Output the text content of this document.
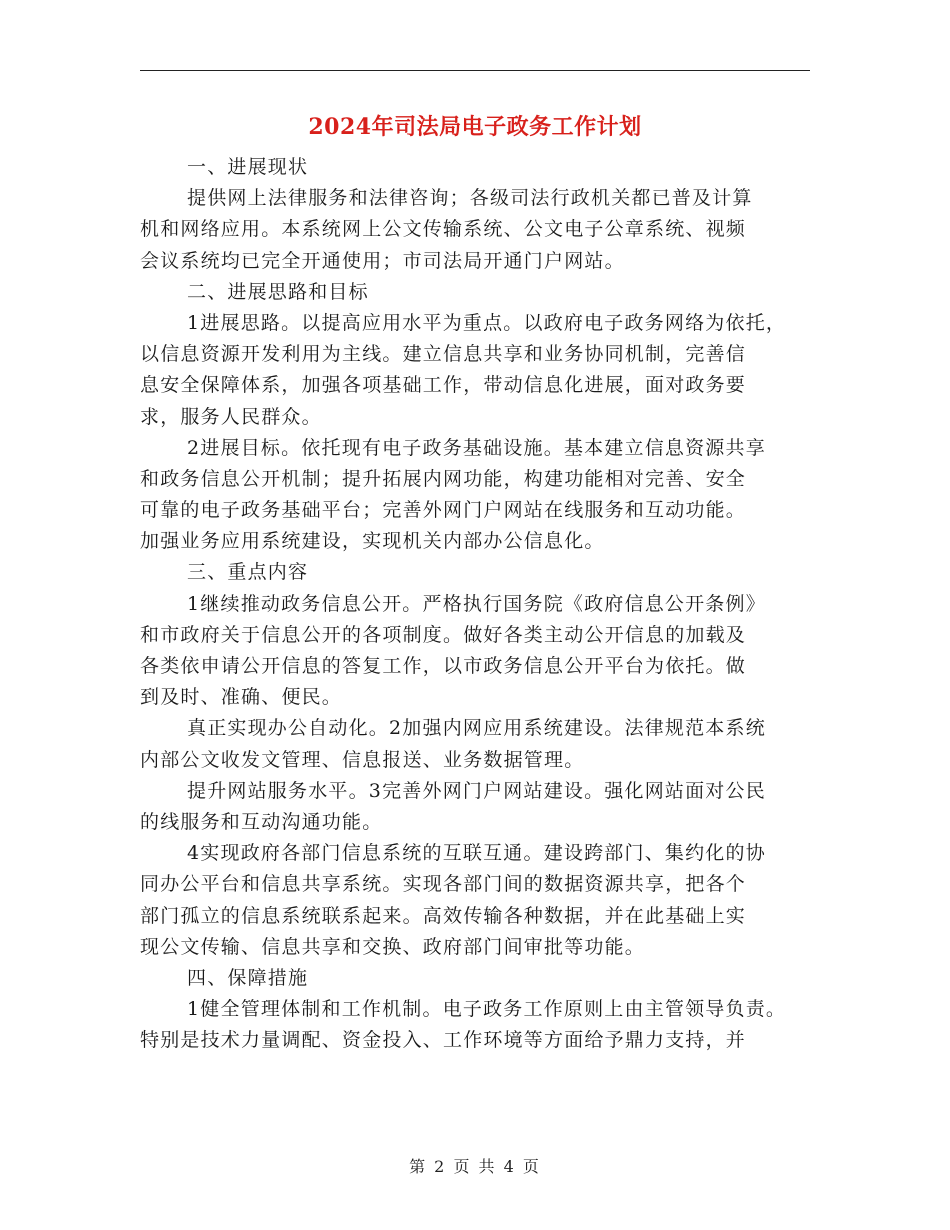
2024年司法局电子政务工作计划
一、进展现状
提供网上法律服务和法律咨询；各级司法行政机关都已普及计算
机和网络应用。本系统网上公文传输系统、公文电子公章系统、视频
会议系统均已完全开通使用；市司法局开通门户网站。
二、进展思路和目标
1进展思路。以提高应用水平为重点。以政府电子政务网络为依托，
以信息资源开发利用为主线。建立信息共享和业务协同机制，完善信
息安全保障体系，加强各项基础工作，带动信息化进展，面对政务要
求，服务人民群众。
2进展目标。依托现有电子政务基础设施。基本建立信息资源共享
和政务信息公开机制；提升拓展内网功能，构建功能相对完善、安全
可靠的电子政务基础平台；完善外网门户网站在线服务和互动功能。
加强业务应用系统建设，实现机关内部办公信息化。
三、重点内容
1继续推动政务信息公开。严格执行国务院《政府信息公开条例》
和市政府关于信息公开的各项制度。做好各类主动公开信息的加载及
各类依申请公开信息的答复工作，以市政务信息公开平台为依托。做
到及时、准确、便民。
真正实现办公自动化。2加强内网应用系统建设。法律规范本系统
内部公文收发文管理、信息报送、业务数据管理。
提升网站服务水平。3完善外网门户网站建设。强化网站面对公民
的线服务和互动沟通功能。
4实现政府各部门信息系统的互联互通。建设跨部门、集约化的协
同办公平台和信息共享系统。实现各部门间的数据资源共享，把各个
部门孤立的信息系统联系起来。高效传输各种数据，并在此基础上实
现公文传输、信息共享和交换、政府部门间审批等功能。
四、保障措施
1健全管理体制和工作机制。电子政务工作原则上由主管领导负责。
特别是技术力量调配、资金投入、工作环境等方面给予鼎力支持，并
第 2 页 共 4 页
